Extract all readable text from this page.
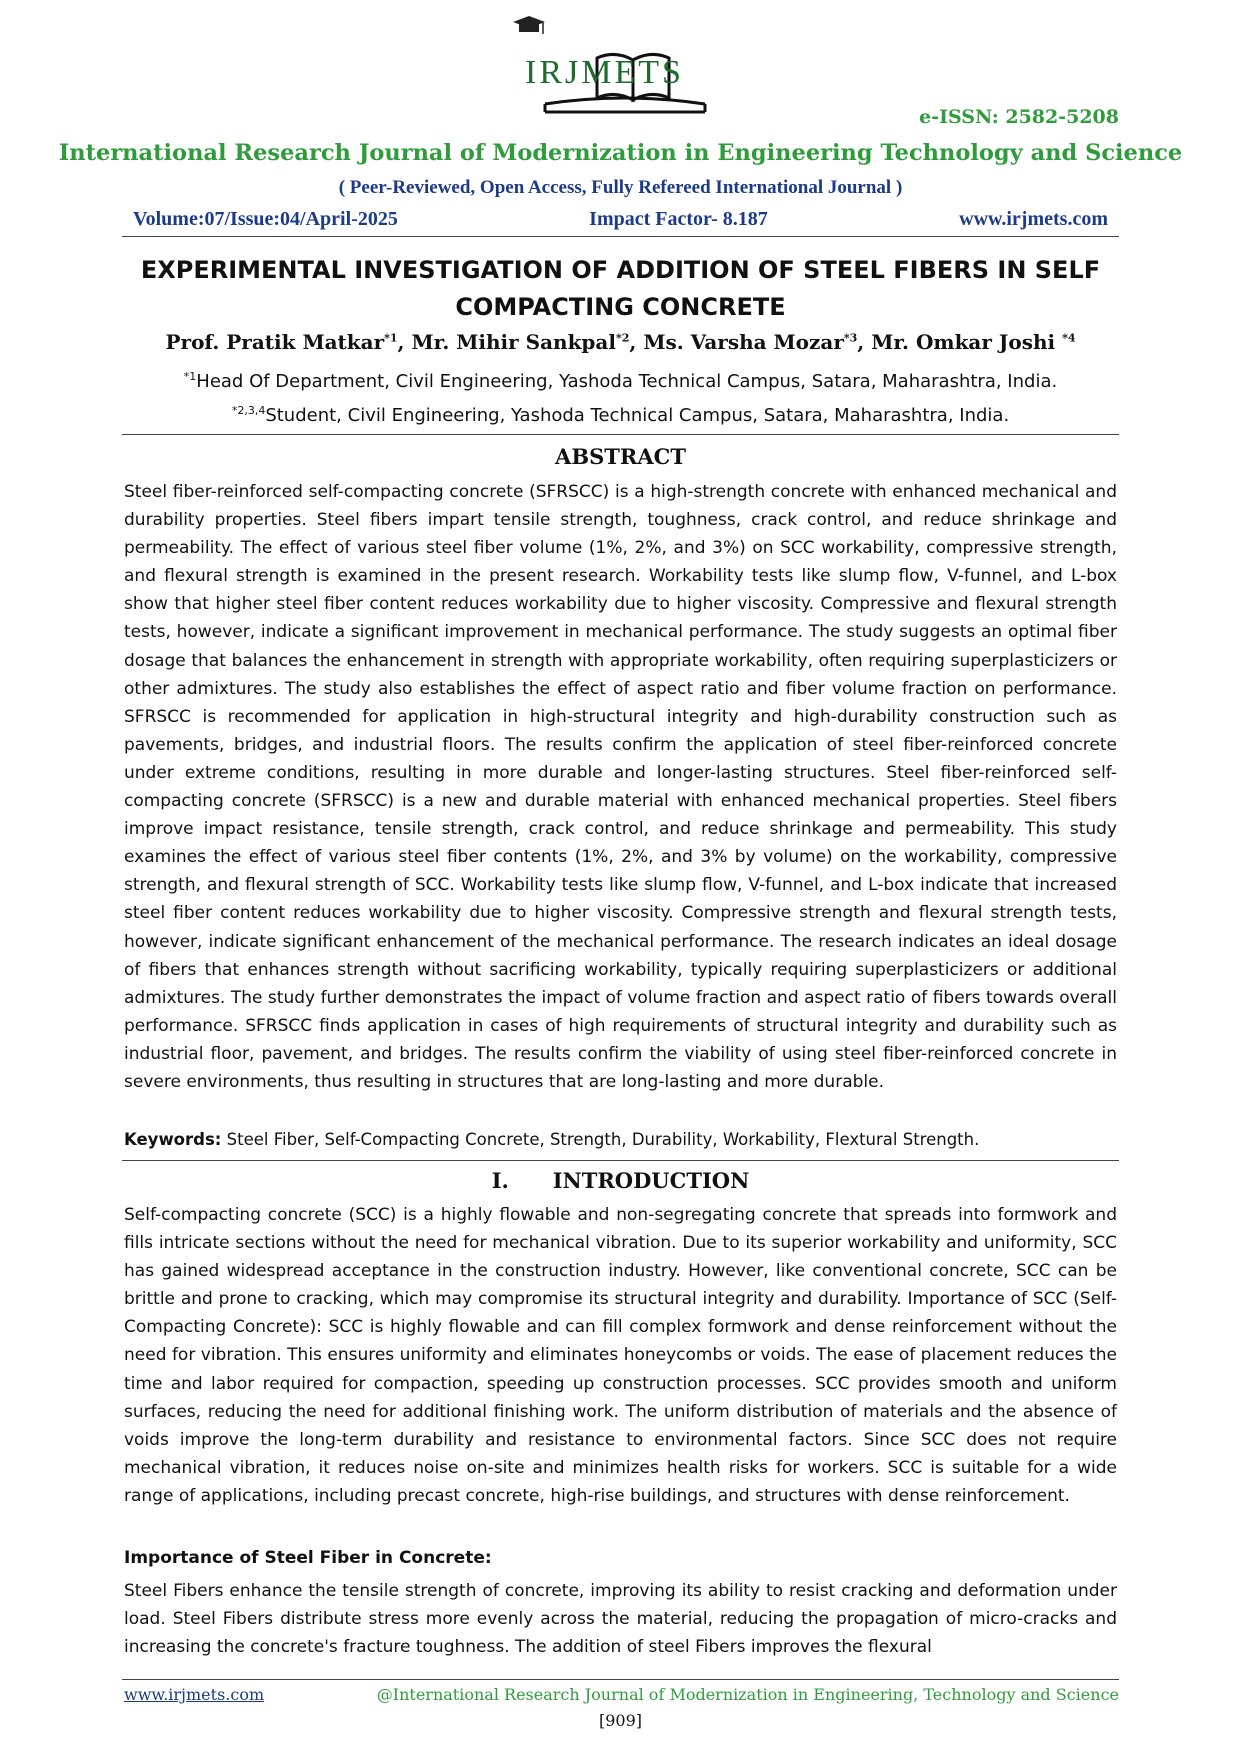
IRJMETS
e-ISSN: 2582-5208
International Research Journal of Modernization in Engineering Technology and Science
( Peer-Reviewed, Open Access, Fully Refereed International Journal )
Volume:07/Issue:04/April-2025	Impact Factor- 8.187	www.irjmets.com
EXPERIMENTAL INVESTIGATION OF ADDITION OF STEEL FIBERS IN SELF COMPACTING CONCRETE
Prof. Pratik Matkar$^{*1}$, Mr. Mihir Sankpal$^{*2}$, Ms. Varsha Mozar$^{*3}$, Mr. Omkar Joshi $^{*4}$
$^{*1}$Head Of Department, Civil Engineering, Yashoda Technical Campus, Satara, Maharashtra, India.
$^{*2,3,4}$Student, Civil Engineering, Yashoda Technical Campus, Satara, Maharashtra, India.
ABSTRACT
Steel fiber-reinforced self-compacting concrete (SFRSCC) is a high-strength concrete with enhanced mechanical and durability properties. Steel fibers impart tensile strength, toughness, crack control, and reduce shrinkage and permeability. The effect of various steel fiber volume (1%, 2%, and 3%) on SCC workability, compressive strength, and flexural strength is examined in the present research. Workability tests like slump flow, V-funnel, and L-box show that higher steel fiber content reduces workability due to higher viscosity. Compressive and flexural strength tests, however, indicate a significant improvement in mechanical performance. The study suggests an optimal fiber dosage that balances the enhancement in strength with appropriate workability, often requiring superplasticizers or other admixtures. The study also establishes the effect of aspect ratio and fiber volume fraction on performance. SFRSCC is recommended for application in high-structural integrity and high-durability construction such as pavements, bridges, and industrial floors. The results confirm the application of steel fiber-reinforced concrete under extreme conditions, resulting in more durable and longer-lasting structures. Steel fiber-reinforced self-compacting concrete (SFRSCC) is a new and durable material with enhanced mechanical properties. Steel fibers improve impact resistance, tensile strength, crack control, and reduce shrinkage and permeability. This study examines the effect of various steel fiber contents (1%, 2%, and 3% by volume) on the workability, compressive strength, and flexural strength of SCC. Workability tests like slump flow, V-funnel, and L-box indicate that increased steel fiber content reduces workability due to higher viscosity. Compressive strength and flexural strength tests, however, indicate significant enhancement of the mechanical performance. The research indicates an ideal dosage of fibers that enhances strength without sacrificing workability, typically requiring superplasticizers or additional admixtures. The study further demonstrates the impact of volume fraction and aspect ratio of fibers towards overall performance. SFRSCC finds application in cases of high requirements of structural integrity and durability such as industrial floor, pavement, and bridges. The results confirm the viability of using steel fiber-reinforced concrete in severe environments, thus resulting in structures that are long-lasting and more durable.
Keywords: Steel Fiber, Self-Compacting Concrete, Strength, Durability, Workability, Flextural Strength.
I.      INTRODUCTION
Self-compacting concrete (SCC) is a highly flowable and non-segregating concrete that spreads into formwork and fills intricate sections without the need for mechanical vibration. Due to its superior workability and uniformity, SCC has gained widespread acceptance in the construction industry. However, like conventional concrete, SCC can be brittle and prone to cracking, which may compromise its structural integrity and durability. Importance of SCC (Self-Compacting Concrete): SCC is highly flowable and can fill complex formwork and dense reinforcement without the need for vibration. This ensures uniformity and eliminates honeycombs or voids. The ease of placement reduces the time and labor required for compaction, speeding up construction processes. SCC provides smooth and uniform surfaces, reducing the need for additional finishing work. The uniform distribution of materials and the absence of voids improve the long-term durability and resistance to environmental factors. Since SCC does not require mechanical vibration, it reduces noise on-site and minimizes health risks for workers. SCC is suitable for a wide range of applications, including precast concrete, high-rise buildings, and structures with dense reinforcement.
Importance of Steel Fiber in Concrete:
Steel Fibers enhance the tensile strength of concrete, improving its ability to resist cracking and deformation under load. Steel Fibers distribute stress more evenly across the material, reducing the propagation of micro-cracks and increasing the concrete's fracture toughness. The addition of steel Fibers improves the flexural
www.irjmets.com	@International Research Journal of Modernization in Engineering, Technology and Science
[909]
